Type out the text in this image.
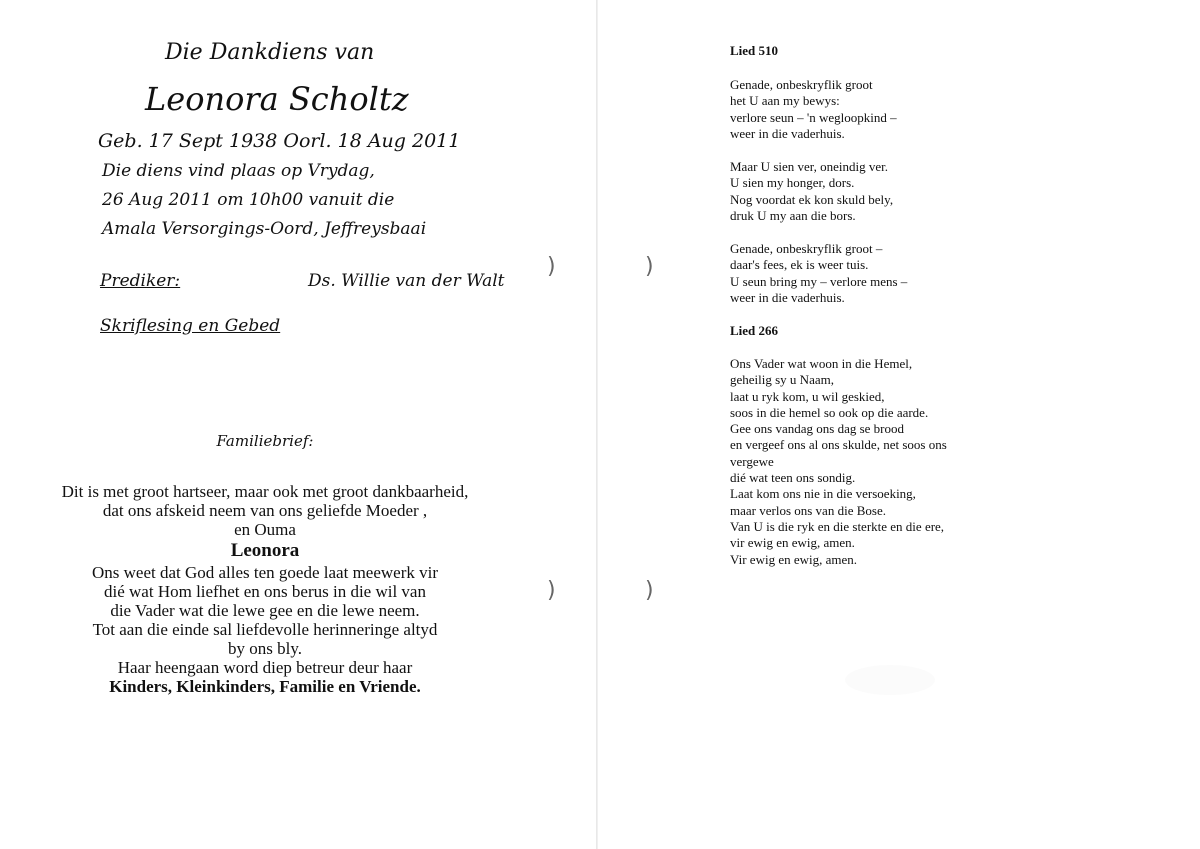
Die Dankdiens van
Leonora Scholtz
Geb. 17 Sept 1938 Oorl. 18 Aug 2011
Die diens vind plaas op Vrydag,
26 Aug 2011 om 10h00 vanuit die
Amala Versorgings-Oord, Jeffreysbaai
Prediker:	Ds. Willie van der Walt
Skriflesing en Gebed
Familiebrief:
Dit is met groot hartseer, maar ook met groot dankbaarheid,
dat ons afskeid neem van ons geliefde Moeder ,
en Ouma
Leonora
Ons weet dat God alles ten goede laat meewerk vir
dié wat Hom liefhet en ons berus in die wil van
die Vader wat die lewe gee en die lewe neem.
Tot aan die einde sal liefdevolle herinneringe altyd
by ons bly.
Haar heengaan word diep betreur deur haar
Kinders, Kleinkinders, Familie en Vriende.
)
)
)
)
Lied 510
Genade, onbeskryflik groot
het U aan my bewys:
verlore seun – 'n wegloopkind –
weer in die vaderhuis.
Maar U sien ver, oneindig ver.
U sien my honger, dors.
Nog voordat ek kon skuld bely,
druk U my aan die bors.
Genade, onbeskryflik groot –
daar's fees, ek is weer tuis.
U seun bring my – verlore mens –
weer in die vaderhuis.
Lied 266
Ons Vader wat woon in die Hemel,
geheilig sy u Naam,
laat u ryk kom, u wil geskied,
soos in die hemel so ook op die aarde.
Gee ons vandag ons dag se brood
en vergeef ons al ons skulde, net soos ons
vergewe
dié wat teen ons sondig.
Laat kom ons nie in die versoeking,
maar verlos ons van die Bose.
Van U is die ryk en die sterkte en die ere,
vir ewig en ewig, amen.
Vir ewig en ewig, amen.
